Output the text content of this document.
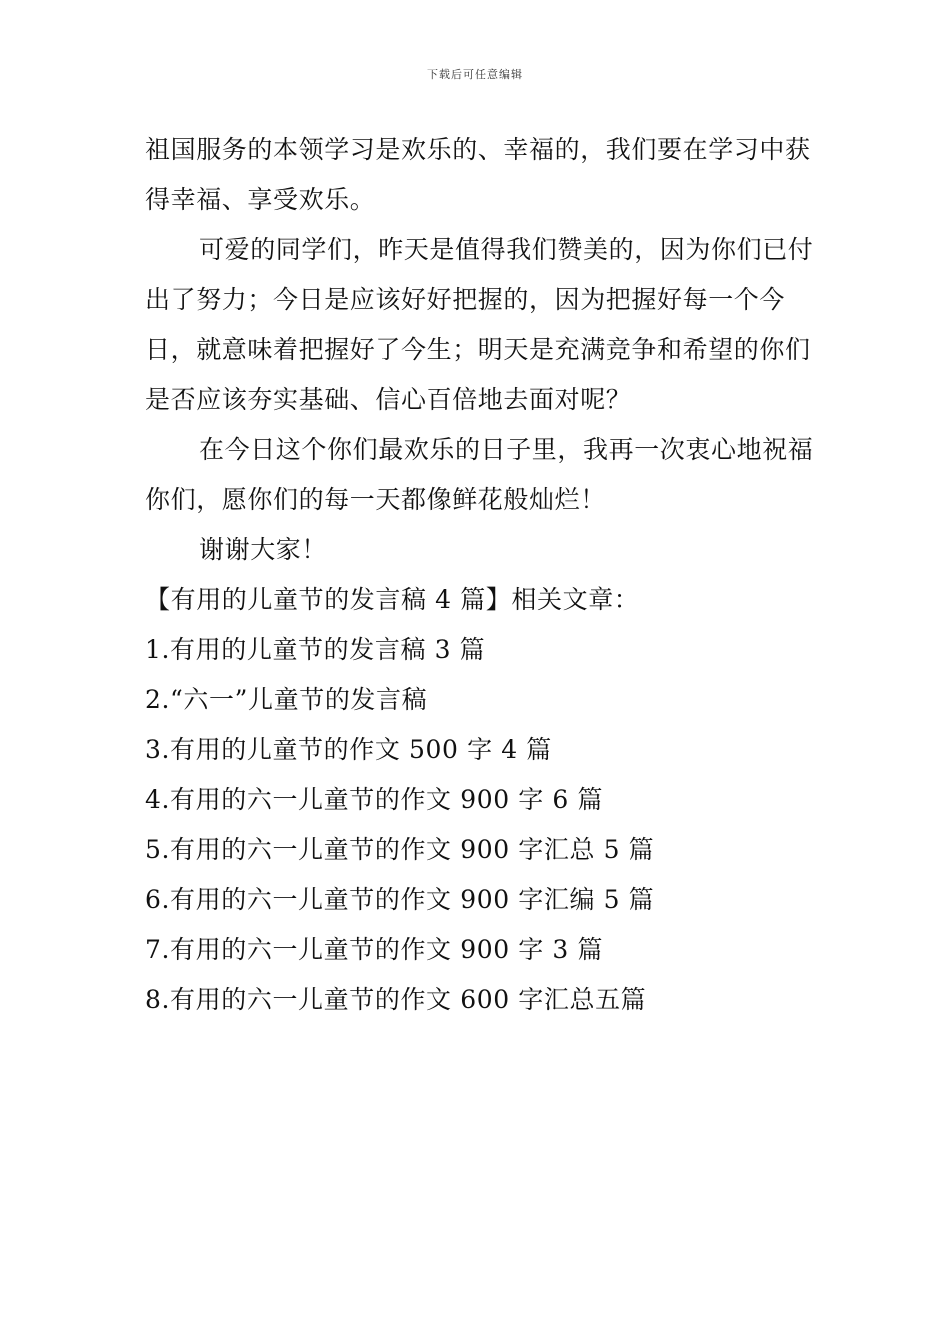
下载后可任意编辑

祖国服务的本领学习是欢乐的、幸福的，我们要在学习中获得幸福、享受欢乐。

可爱的同学们，昨天是值得我们赞美的，因为你们已付出了努力；今日是应该好好把握的，因为把握好每一个今日，就意味着把握好了今生；明天是充满竞争和希望的你们是否应该夯实基础、信心百倍地去面对呢？

在今日这个你们最欢乐的日子里，我再一次衷心地祝福你们，愿你们的每一天都像鲜花般灿烂！

谢谢大家！

【有用的儿童节的发言稿 4 篇】相关文章：

1.有用的儿童节的发言稿 3 篇
2.“六一”儿童节的发言稿
3.有用的儿童节的作文 500 字 4 篇
4.有用的六一儿童节的作文 900 字 6 篇
5.有用的六一儿童节的作文 900 字汇总 5 篇
6.有用的六一儿童节的作文 900 字汇编 5 篇
7.有用的六一儿童节的作文 900 字 3 篇
8.有用的六一儿童节的作文 600 字汇总五篇
